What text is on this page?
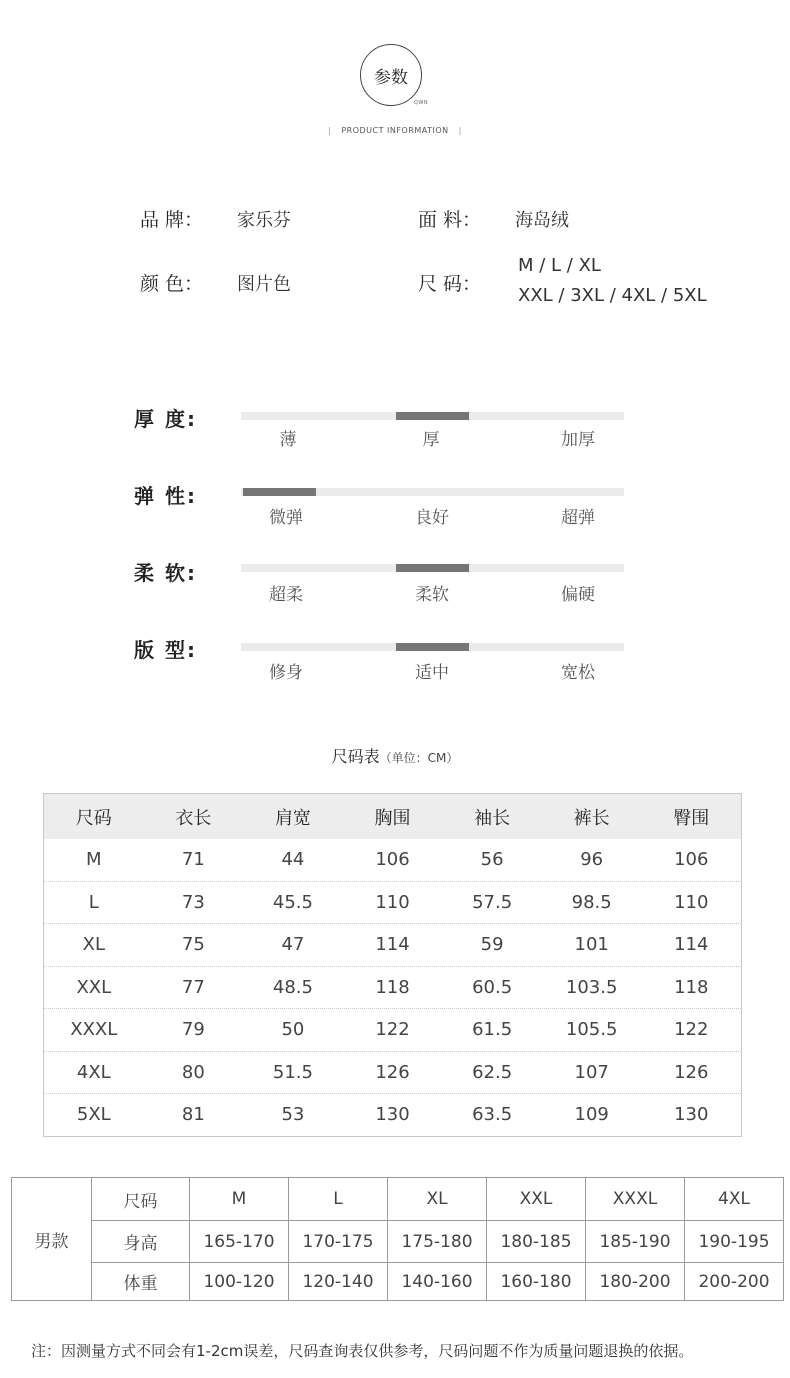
参数
QWN
| PRODUCT INFORMATION |
品 牌： 家乐芬	面 料： 海岛绒
颜 色： 图片色	尺 码：
M / L / XL
XXL / 3XL / 4XL / 5XL
厚 度:
薄	厚	加厚
弹 性:
微弹	良好	超弹
柔 软:
超柔	柔软	偏硬
版 型:
修身	适中	宽松
尺码表（单位：CM）
尺码	衣长	肩宽	胸围	袖长	裤长	臀围
M	71	44	106	56	96	106
L	73	45.5	110	57.5	98.5	110
XL	75	47	114	59	101	114
XXL	77	48.5	118	60.5	103.5	118
XXXL	79	50	122	61.5	105.5	122
4XL	80	51.5	126	62.5	107	126
5XL	81	53	130	63.5	109	130
男款	尺码	M	L	XL	XXL	XXXL	4XL
	身高	165-170	170-175	175-180	180-185	185-190	190-195
	体重	100-120	120-140	140-160	160-180	180-200	200-200
注：因测量方式不同会有1-2cm误差，尺码查询表仅供参考，尺码问题不作为质量问题退换的依据。
